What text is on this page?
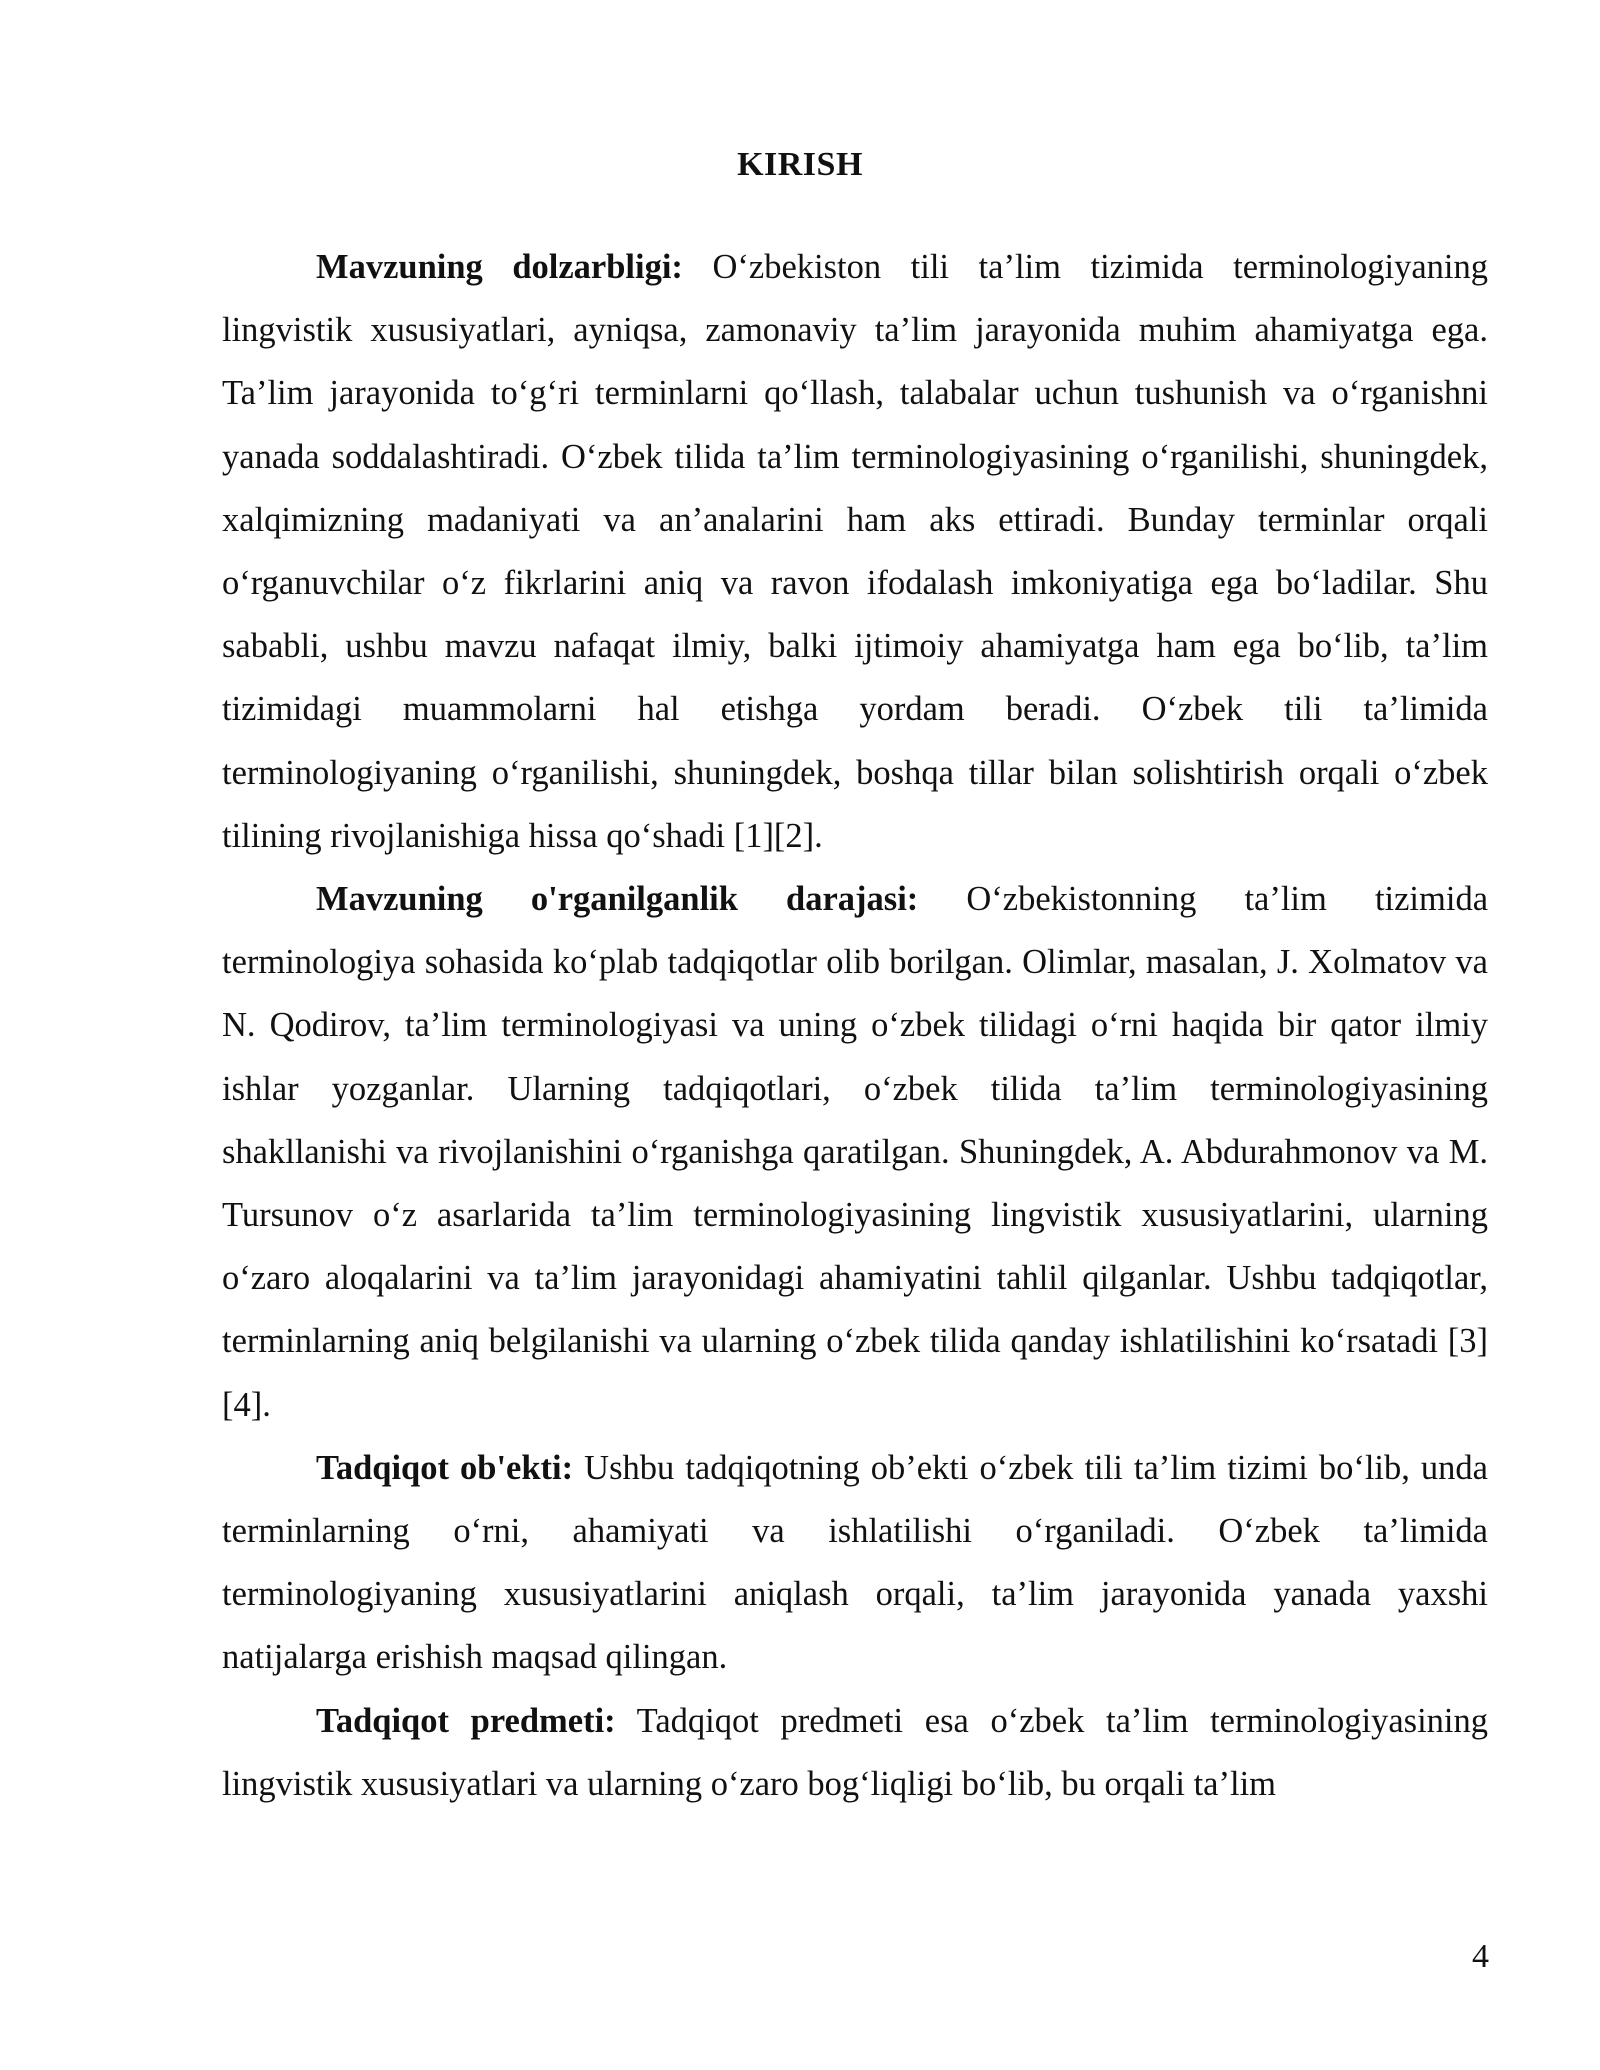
KIRISH

Mavzuning dolzarbligi: O‘zbekiston tili ta’lim tizimida terminologiyaning lingvistik xususiyatlari, ayniqsa, zamonaviy ta’lim jarayonida muhim ahamiyatga ega. Ta’lim jarayonida to‘g‘ri terminlarni qo‘llash, talabalar uchun tushunish va o‘rganishni yanada soddalashtiradi. O‘zbek tilida ta’lim terminologiyasining o‘rganilishi, shuningdek, xalqimizning madaniyati va an’analarini ham aks ettiradi. Bunday terminlar orqali o‘rganuvchilar o‘z fikrlarini aniq va ravon ifodalash imkoniyatiga ega bo‘ladilar. Shu sababli, ushbu mavzu nafaqat ilmiy, balki ijtimoiy ahamiyatga ham ega bo‘lib, ta’lim tizimidagi muammolarni hal etishga yordam beradi. O‘zbek tili ta’limida terminologiyaning o‘rganilishi, shuningdek, boshqa tillar bilan solishtirish orqali o‘zbek tilining rivojlanishiga hissa qo‘shadi [1][2].

Mavzuning o'rganilganlik darajasi: O‘zbekistonning ta’lim tizimida terminologiya sohasida ko‘plab tadqiqotlar olib borilgan. Olimlar, masalan, J. Xolmatov va N. Qodirov, ta’lim terminologiyasi va uning o‘zbek tilidagi o‘rni haqida bir qator ilmiy ishlar yozganlar. Ularning tadqiqotlari, o‘zbek tilida ta’lim terminologiyasining shakllanishi va rivojlanishini o‘rganishga qaratilgan. Shuningdek, A. Abdurahmonov va M. Tursunov o‘z asarlarida ta’lim terminologiyasining lingvistik xususiyatlarini, ularning o‘zaro aloqalarini va ta’lim jarayonidagi ahamiyatini tahlil qilganlar. Ushbu tadqiqotlar, terminlarning aniq belgilanishi va ularning o‘zbek tilida qanday ishlatilishini ko‘rsatadi [3][4].

Tadqiqot ob'ekti: Ushbu tadqiqotning ob’ekti o‘zbek tili ta’lim tizimi bo‘lib, unda terminlarning o‘rni, ahamiyati va ishlatilishi o‘rganiladi. O‘zbek ta’limida terminologiyaning xususiyatlarini aniqlash orqali, ta’lim jarayonida yanada yaxshi natijalarga erishish maqsad qilingan.

Tadqiqot predmeti: Tadqiqot predmeti esa o‘zbek ta’lim terminologiyasining lingvistik xususiyatlari va ularning o‘zaro bog‘liqligi bo‘lib, bu orqali ta’lim

4
